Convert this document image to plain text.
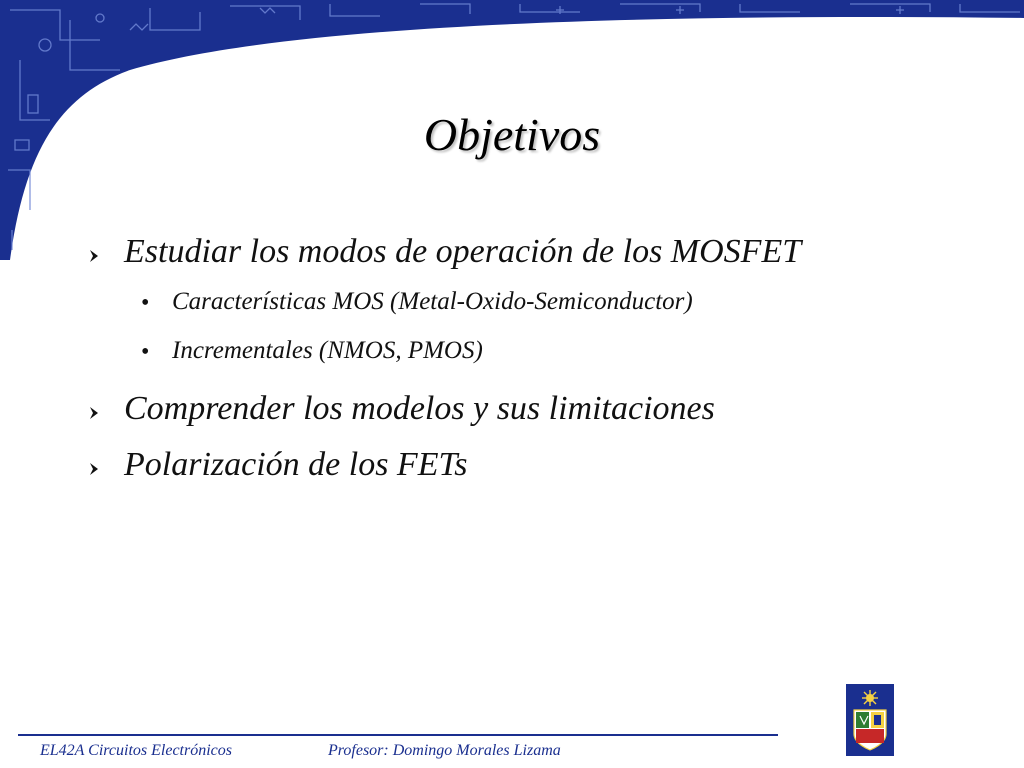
Objetivos
Estudiar los modos de operación de los MOSFET
• Características MOS (Metal-Oxido-Semiconductor)
• Incrementales (NMOS, PMOS)
Comprender los modelos y sus limitaciones
Polarización de los FETs
EL42A Circuitos Electrónicos	Profesor: Domingo Morales Lizama
